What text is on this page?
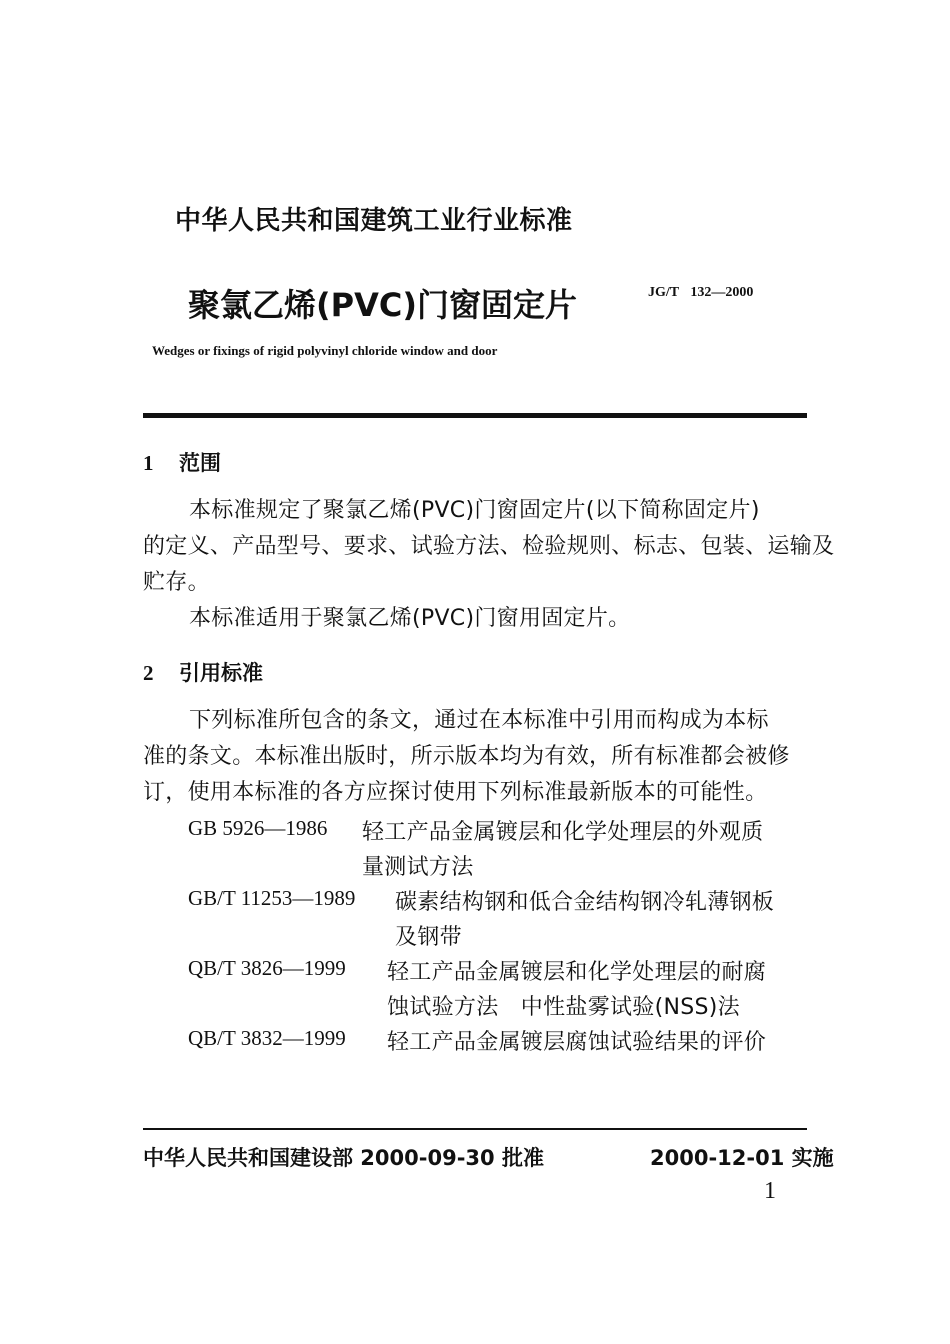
中华人民共和国建筑工业行业标准
聚氯乙烯(PVC)门窗固定片	JG/T 132—2000
Wedges or fixings of rigid polyvinyl chloride window and door
1 范围
本标准规定了聚氯乙烯(PVC)门窗固定片(以下简称固定片)
的定义、产品型号、要求、试验方法、检验规则、标志、包装、运输及
贮存。
本标准适用于聚氯乙烯(PVC)门窗用固定片。
2 引用标准
下列标准所包含的条文，通过在本标准中引用而构成为本标
准的条文。本标准出版时，所示版本均为有效，所有标准都会被修
订，使用本标准的各方应探讨使用下列标准最新版本的可能性。
GB 5926—1986 轻工产品金属镀层和化学处理层的外观质
量测试方法
GB/T 11253—1989 碳素结构钢和低合金结构钢冷轧薄钢板
及钢带
QB/T 3826—1999 轻工产品金属镀层和化学处理层的耐腐
蚀试验方法　中性盐雾试验(NSS)法
QB/T 3832—1999 轻工产品金属镀层腐蚀试验结果的评价
中华人民共和国建设部 2000-09-30 批准	2000-12-01 实施
1
